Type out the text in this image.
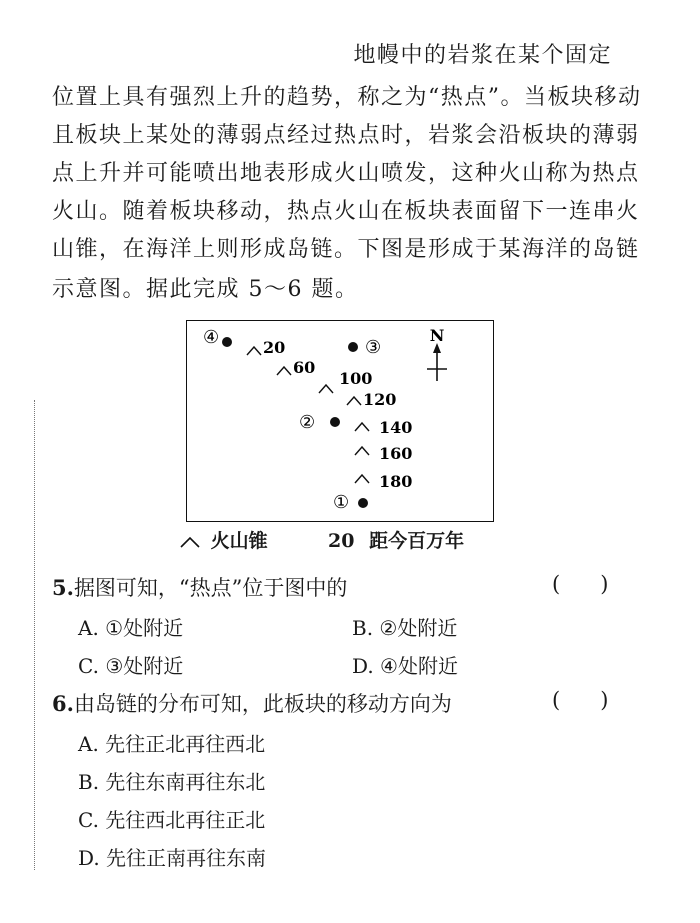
地幔中的岩浆在某个固定
位置上具有强烈上升的趋势，称之为“热点”。当板块移动
且板块上某处的薄弱点经过热点时，岩浆会沿板块的薄弱
点上升并可能喷出地表形成火山喷发，这种火山称为热点
火山。随着板块移动，热点火山在板块表面留下一连串火
山锥，在海洋上则形成岛链。下图是形成于某海洋的岛链
示意图。据此完成 5～6 题。
N
④	③
②
①
20
60
100
120
140
160
180
火山锥	20 距今百万年
5.据图可知，“热点”位于图中的	(      )
A. ①处附近	B. ②处附近
C. ③处附近	D. ④处附近
6.由岛链的分布可知，此板块的移动方向为	(      )
A. 先往正北再往西北
B. 先往东南再往东北
C. 先往西北再往正北
D. 先往正南再往东南
